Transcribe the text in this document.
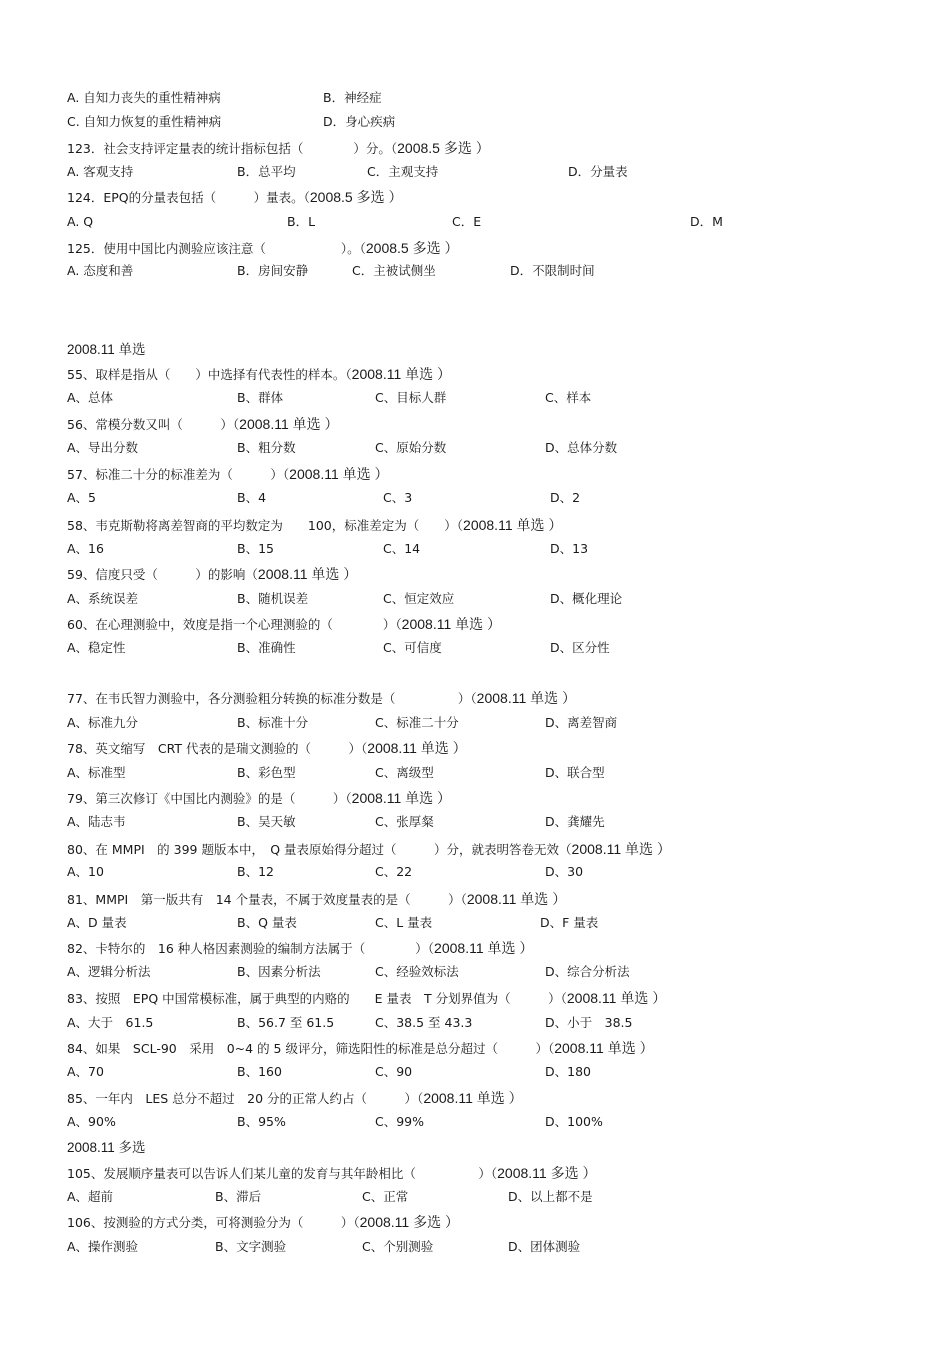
A. 自知力丧失的重性精神病	B．神经症
C. 自知力恢复的重性精神病	D．身心疾病
123．社会支持评定量表的统计指标包括（　　　　）分。（2008.5 多选 ）
A. 客观支持	B．总平均	C．主观支持	D．分量表
124．EPQ的分量表包括（　　　）量表。（2008.5 多选 ）
A. Q	B．L	C．E	D．M
125．使用中国比内测验应该注意（　　　　　　）。（2008.5 多选 ）
A. 态度和善	B．房间安静	C．主被试侧坐	D．不限制时间
2008.11 单选
55、取样是指从（　　）中选择有代表性的样本。（2008.11 单选 ）
A、总体	B、群体	C、目标人群	C、样本
56、常模分数又叫（　　　）（2008.11 单选 ）
A、导出分数	B、粗分数	C、原始分数	D、总体分数
57、标准二十分的标准差为（　　　）（2008.11 单选 ）
A、5	B、4	C、3	D、2
58、韦克斯勒将离差智商的平均数定为　　100，标准差定为（　　）（2008.11 单选 ）
A、16	B、15	C、14	D、13
59、信度只受（　　　）的影响（2008.11 单选 ）
A、系统误差	B、随机误差	C、恒定效应	D、概化理论
60、在心理测验中，效度是指一个心理测验的（　　　　）（2008.11 单选 ）
A、稳定性	B、准确性	C、可信度	D、区分性
77、在韦氏智力测验中，各分测验粗分转换的标准分数是（　　　　　）（2008.11 单选 ）
A、标准九分	B、标准十分	C、标准二十分	D、离差智商
78、英文缩写　CRT 代表的是瑞文测验的（　　　）（2008.11 单选 ）
A、标准型	B、彩色型	C、离级型	D、联合型
79、第三次修订《中国比内测验》的是（　　　）（2008.11 单选 ）
A、陆志韦	B、吴天敏	C、张厚粲	D、龚耀先
80、在 MMPI　的 399 题版本中，　Q 量表原始得分超过（　　　）分，就表明答卷无效（2008.11 单选 ）
A、10	B、12	C、22	D、30
81、MMPI　第一版共有　14 个量表，不属于效度量表的是（　　　）（2008.11 单选 ）
A、D 量表	B、Q 量表	C、L 量表	D、F 量表
82、卡特尔的　16 种人格因素测验的编制方法属于（　　　　）（2008.11 单选 ）
A、逻辑分析法	B、因素分析法	C、经验效标法	D、综合分析法
83、按照　EPQ 中国常模标准，属于典型的内赂的　　E 量表　T 分划界值为（　　　）（2008.11 单选 ）
A、大于　61.5	B、56.7 至 61.5	C、38.5 至 43.3	D、小于　38.5
84、如果　SCL-90　采用　0~4 的 5 级评分，筛选阳性的标准是总分超过（　　　）（2008.11 单选 ）
A、70	B、160	C、90	D、180
85、一年内　LES 总分不超过　20 分的正常人约占（　　　）（2008.11 单选 ）
A、90%	B、95%	C、99%	D、100%
2008.11 多选
105、发展顺序量表可以告诉人们某儿童的发育与其年龄相比（　　　　　）（2008.11 多选 ）
A、超前	B、滞后	C、正常	D、以上都不是
106、按测验的方式分类，可将测验分为（　　　）（2008.11 多选 ）
A、操作测验	B、文字测验	C、个别测验	D、团体测验
